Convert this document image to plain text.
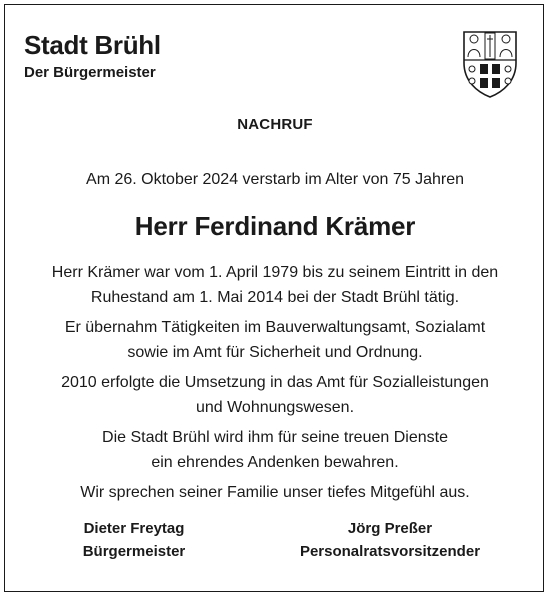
Stadt Brühl
Der Bürgermeister
NACHRUF
Am 26. Oktober 2024 verstarb im Alter von 75 Jahren
Herr Ferdinand Krämer

Herr Krämer war vom 1. April 1979 bis zu seinem Eintritt in den
Ruhestand am 1. Mai 2014 bei der Stadt Brühl tätig.

Er übernahm Tätigkeiten im Bauverwaltungsamt, Sozialamt
sowie im Amt für Sicherheit und Ordnung.

2010 erfolgte die Umsetzung in das Amt für Sozialleistungen
und Wohnungswesen.

Die Stadt Brühl wird ihm für seine treuen Dienste
ein ehrendes Andenken bewahren.

Wir sprechen seiner Familie unser tiefes Mitgefühl aus.

Dieter Freytag
Bürgermeister
Jörg Preßer
Personalratsvorsitzender
